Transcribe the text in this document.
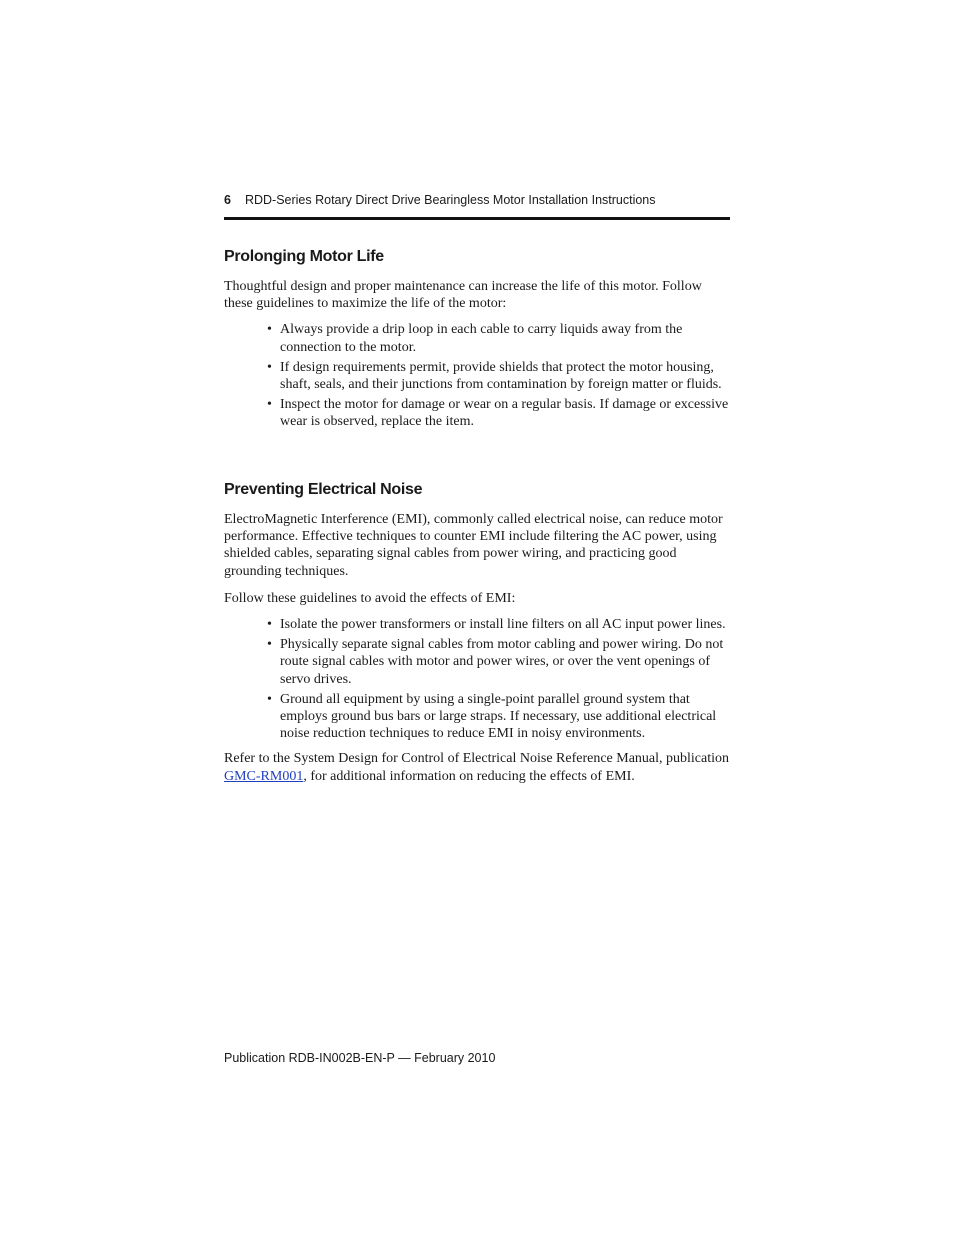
6 RDD-Series Rotary Direct Drive Bearingless Motor Installation Instructions
Prolonging Motor Life

Thoughtful design and proper maintenance can increase the life of this motor. Follow these guidelines to maximize the life of the motor:

• Always provide a drip loop in each cable to carry liquids away from the connection to the motor.
• If design requirements permit, provide shields that protect the motor housing, shaft, seals, and their junctions from contamination by foreign matter or fluids.
• Inspect the motor for damage or wear on a regular basis. If damage or excessive wear is observed, replace the item.
Preventing Electrical Noise

ElectroMagnetic Interference (EMI), commonly called electrical noise, can reduce motor performance. Effective techniques to counter EMI include filtering the AC power, using shielded cables, separating signal cables from power wiring, and practicing good grounding techniques.

Follow these guidelines to avoid the effects of EMI:

• Isolate the power transformers or install line filters on all AC input power lines.
• Physically separate signal cables from motor cabling and power wiring. Do not route signal cables with motor and power wires, or over the vent openings of servo drives.
• Ground all equipment by using a single-point parallel ground system that employs ground bus bars or large straps. If necessary, use additional electrical noise reduction techniques to reduce EMI in noisy environments.

Refer to the System Design for Control of Electrical Noise Reference Manual, publication GMC-RM001, for additional information on reducing the effects of EMI.

Publication RDB-IN002B-EN-P — February 2010
